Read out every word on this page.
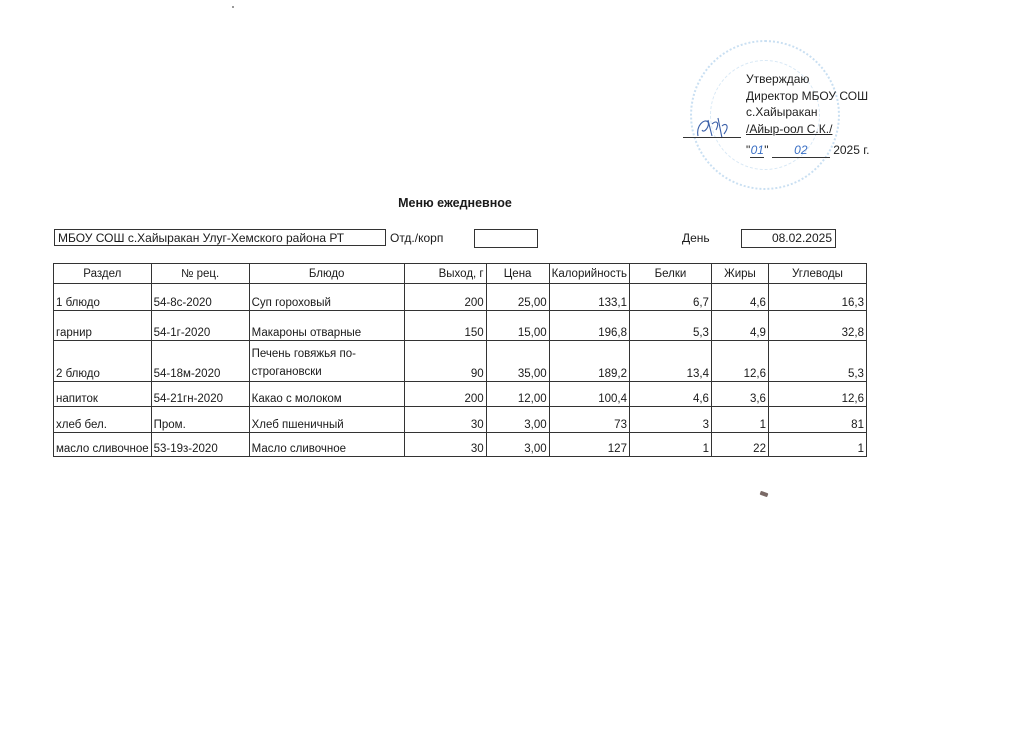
Утверждаю
Директор МБОУ СОШ
с.Хайыракан
/Айыр-оол С.К./
"01" 02 2025 г.
Меню ежедневное
МБОУ СОШ с.Хайыракан Улуг-Хемского района РТ	Отд./корп	День	08.02.2025
Раздел	№ рец.	Блюдо	Выход, г	Цена	Калорийность	Белки	Жиры	Углеводы
1 блюдо	54-8с-2020	Суп гороховый	200	25,00	133,1	6,7	4,6	16,3
гарнир	54-1г-2020	Макароны отварные	150	15,00	196,8	5,3	4,9	32,8
2 блюдо	54-18м-2020	Печень говяжья по-строгановски	90	35,00	189,2	13,4	12,6	5,3
напиток	54-21гн-2020	Какао с молоком	200	12,00	100,4	4,6	3,6	12,6
хлеб бел.	Пром.	Хлеб пшеничный	30	3,00	73	3	1	81
масло сливочное	53-19з-2020	Масло сливочное	30	3,00	127	1	22	1
